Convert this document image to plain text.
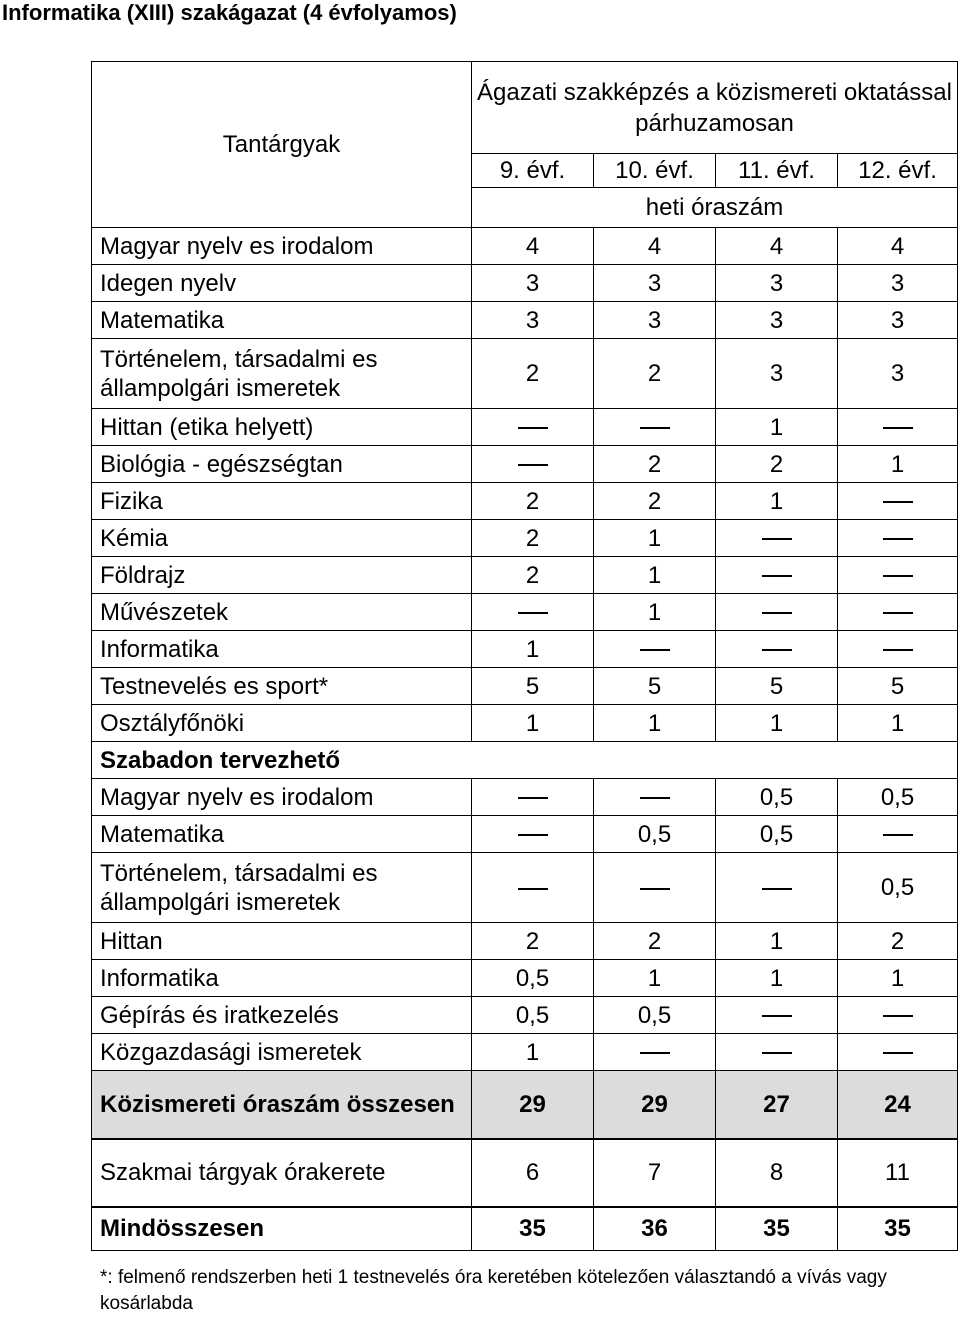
Informatika (XIII) szakágazat (4 évfolyamos)
Tantárgyak	Ágazati szakképzés a közismereti oktatással párhuzamosan			
	9. évf.	10. évf.	11. évf.	12. évf.
	heti óraszám			
Magyar nyelv es irodalom	4	4	4	4
Idegen nyelv	3	3	3	3
Matematika	3	3	3	3
Történelem, társadalmi es állampolgári ismeretek	2	2	3	3
Hittan (etika helyett)			1	
Biológia - egészségtan		2	2	1
Fizika	2	2	1	
Kémia	2	1		
Földrajz	2	1		
Művészetek		1		
Informatika	1			
Testnevelés es sport*	5	5	5	5
Osztályfőnöki	1	1	1	1
Szabadon tervezhető				
Magyar nyelv es irodalom			0,5	0,5
Matematika		0,5	0,5	
Történelem, társadalmi es állampolgári ismeretek				0,5
Hittan	2	2	1	2
Informatika	0,5	1	1	1
Gépírás és iratkezelés	0,5	0,5		
Közgazdasági ismeretek	1			
Közismereti óraszám összesen	29	29	27	24
Szakmai tárgyak órakerete	6	7	8	11
Mindösszesen	35	36	35	35
*: felmenő rendszerben heti 1 testnevelés óra keretében kötelezően választandó a vívás vagy kosárlabda
